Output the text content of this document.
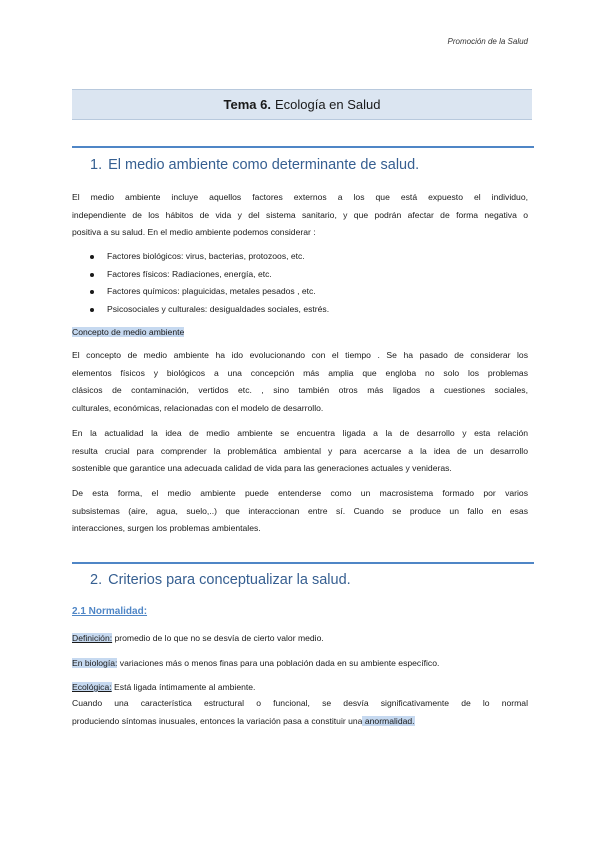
Promoción de la Salud
Tema 6. Ecología en Salud
1. El medio ambiente como determinante de salud.

El medio ambiente incluye aquellos factores externos a los que está expuesto el individuo,
independiente de los hábitos de vida y del sistema sanitario, y que podrán afectar de forma negativa o
positiva a su salud. En el medio ambiente podemos considerar :

Factores biológicos: virus, bacterias, protozoos, etc.
Factores físicos: Radiaciones, energía, etc.
Factores químicos: plaguicidas, metales pesados , etc.
Psicosociales y culturales: desigualdades sociales, estrés.
Concepto de medio ambiente

El concepto de medio ambiente ha ido evolucionando con el tiempo . Se ha pasado de considerar los
elementos físicos y biológicos a una concepción más amplia que engloba no solo los problemas
clásicos de contaminación, vertidos etc. , sino también otros más ligados a cuestiones sociales,
culturales, económicas, relacionadas con el modelo de desarrollo.

En la actualidad la idea de medio ambiente se encuentra ligada a la de desarrollo y esta relación
resulta crucial para comprender la problemática ambiental y para acercarse a la idea de un desarrollo
sostenible que garantice una adecuada calidad de vida para las generaciones actuales y venideras.

De esta forma, el medio ambiente puede entenderse como un macrosistema formado por varios
subsistemas (aire, agua, suelo,..) que interaccionan entre sí. Cuando se produce un fallo en esas
interacciones, surgen los problemas ambientales.

2. Criterios para conceptualizar la salud.
2.1 Normalidad:
Definición: promedio de lo que no se desvía de cierto valor medio.
En biología: variaciones más o menos finas para una población dada en su ambiente específico.
Ecológica: Está ligada íntimamente al ambiente.

Cuando una característica estructural o funcional, se desvía significativamente de lo normal
produciendo síntomas inusuales, entonces la variación pasa a constituir una anormalidad.
